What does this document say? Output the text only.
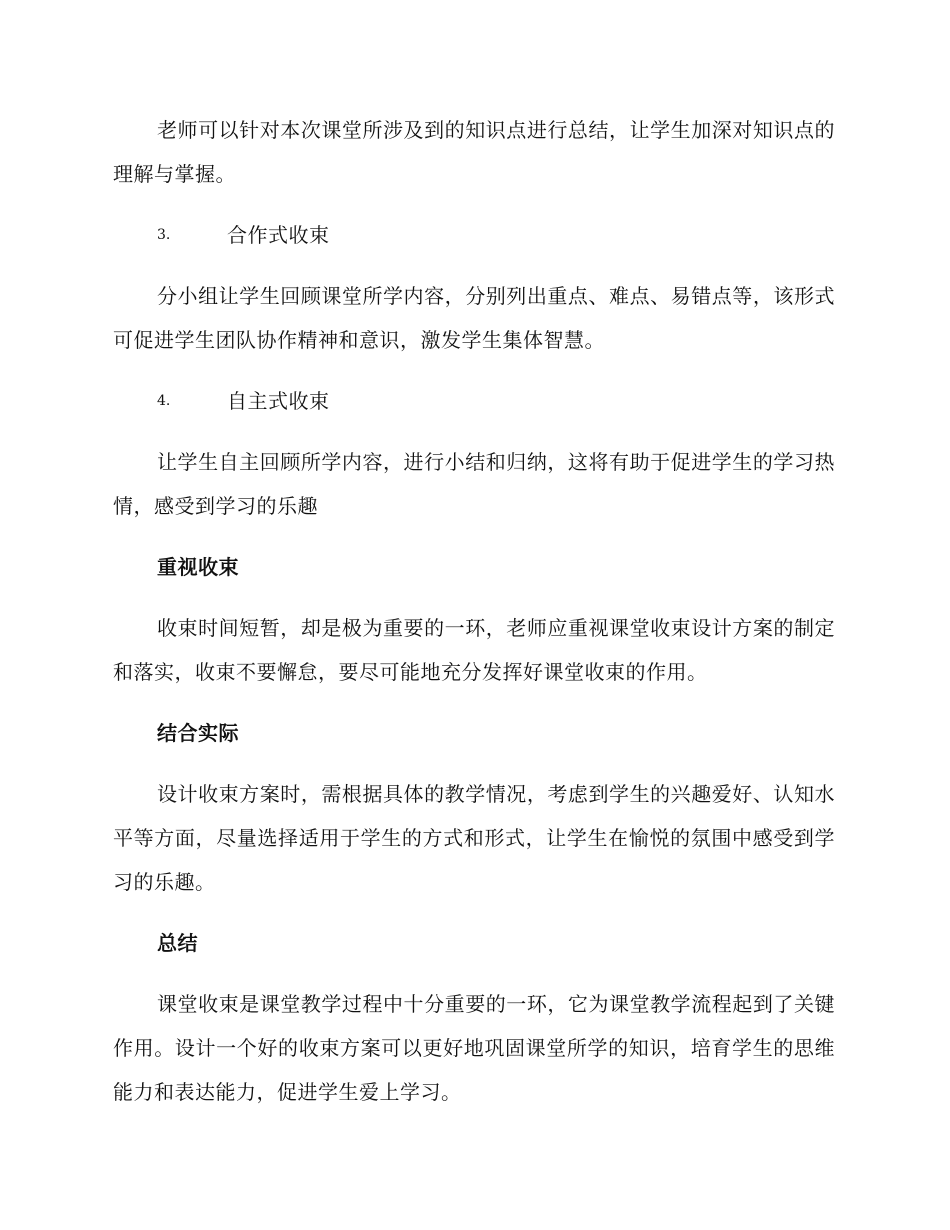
老师可以针对本次课堂所涉及到的知识点进行总结，让学生加深对知识点的理解与掌握。

3.	合作式收束

分小组让学生回顾课堂所学内容，分别列出重点、难点、易错点等，该形式可促进学生团队协作精神和意识，激发学生集体智慧。

4.	自主式收束

让学生自主回顾所学内容，进行小结和归纳，这将有助于促进学生的学习热情，感受到学习的乐趣

重视收束

收束时间短暂，却是极为重要的一环，老师应重视课堂收束设计方案的制定和落实，收束不要懈怠，要尽可能地充分发挥好课堂收束的作用。

结合实际

设计收束方案时，需根据具体的教学情况，考虑到学生的兴趣爱好、认知水平等方面，尽量选择适用于学生的方式和形式，让学生在愉悦的氛围中感受到学习的乐趣。

总结

课堂收束是课堂教学过程中十分重要的一环，它为课堂教学流程起到了关键作用。设计一个好的收束方案可以更好地巩固课堂所学的知识，培育学生的思维能力和表达能力，促进学生爱上学习。
